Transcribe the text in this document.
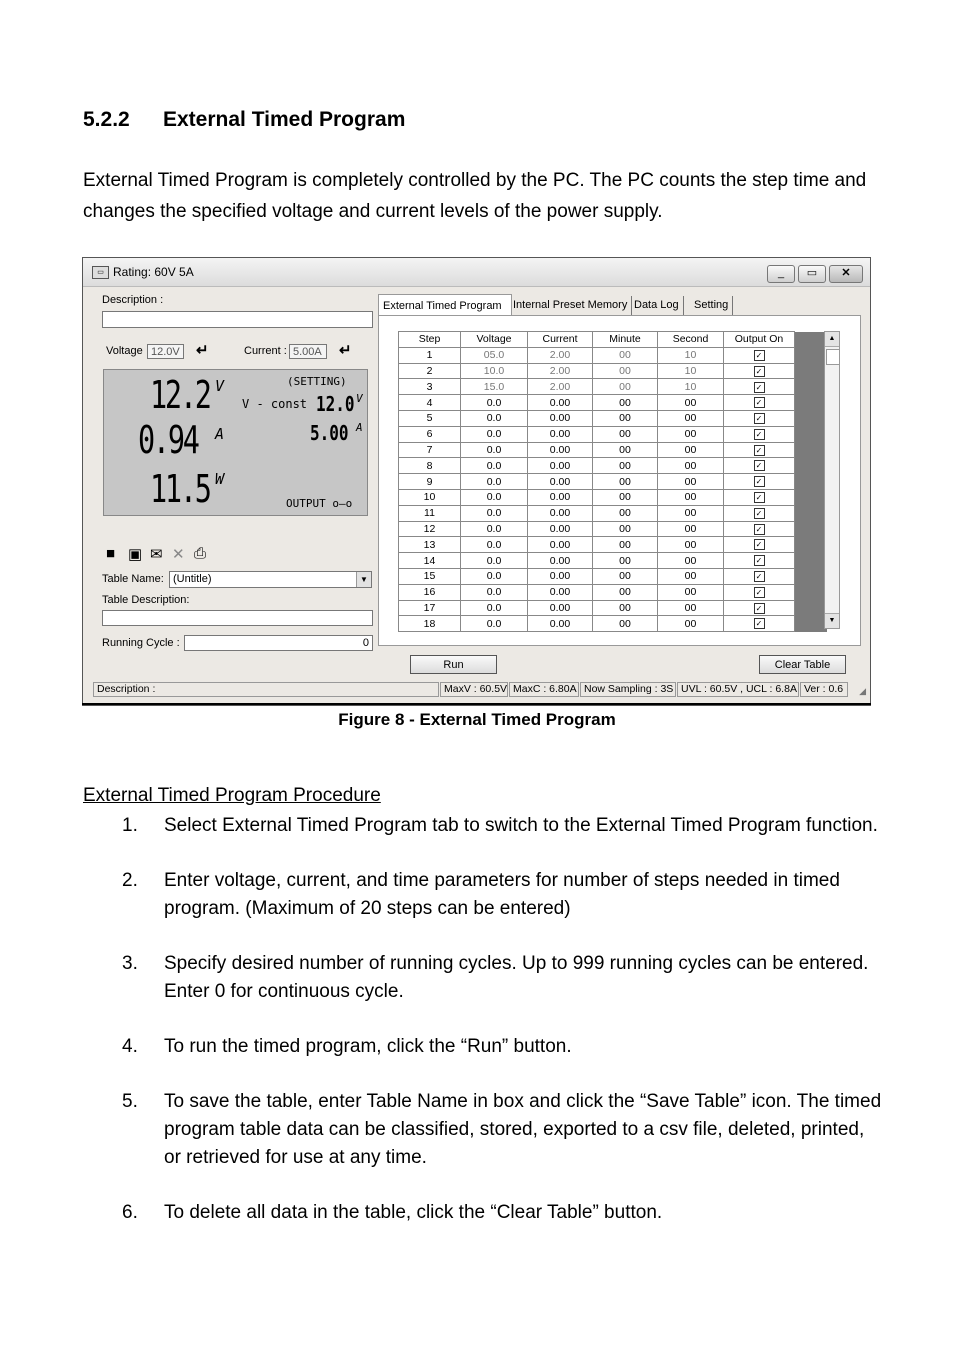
5.2.2 External Timed Program
External Timed Program is completely controlled by the PC. The PC counts the step time and changes the specified voltage and current levels of the power supply.
▭ Rating: 60V 5A	_	▭	✕
Description :
Voltage 12.0V ↵	Current : 5.00A	↵
12.2 V
0.94 A
11.5 W
(SETTING)
V - const 12.0 V
5.00 A
OUTPUT o—o
■ ▣ ✉ ✕ ⎙
Table Name: (Untitle)	▼
Table Description:
Running Cycle :	0
External Timed Program	Internal Preset Memory Data Log	Setting
Step	Voltage	Current	Minute	Second	Output On	
1	05.0	2.00	00	10	✓	
2	10.0	2.00	00	10	✓	
3	15.0	2.00	00	10	✓	
4	0.0	0.00	00	00	✓	
5	0.0	0.00	00	00	✓	
6	0.0	0.00	00	00	✓	
7	0.0	0.00	00	00	✓	
8	0.0	0.00	00	00	✓	
9	0.0	0.00	00	00	✓	
10	0.0	0.00	00	00	✓	
11	0.0	0.00	00	00	✓	
12	0.0	0.00	00	00	✓	
13	0.0	0.00	00	00	✓	
14	0.0	0.00	00	00	✓	
15	0.0	0.00	00	00	✓	
16	0.0	0.00	00	00	✓	
17	0.0	0.00	00	00	✓	
18	0.0	0.00	00	00	✓	
▲
▼
Run	Clear Table
Description :	MaxV : 60.5V MaxC : 6.80A Now Sampling : 3S UVL : 60.5V , UCL : 6.8A Ver : 0.6	◢
Figure 8 - External Timed Program
External Timed Program Procedure
1. Select External Timed Program tab to switch to the External Timed Program function.
2. Enter voltage, current, and time parameters for number of steps needed in timed program. (Maximum of 20 steps can be entered)
3. Specify desired number of running cycles. Up to 999 running cycles can be entered. Enter 0 for continuous cycle.
4. To run the timed program, click the “Run” button.
5. To save the table, enter Table Name in box and click the “Save Table” icon. The timed program table data can be classified, stored, exported to a csv file, deleted, printed, or retrieved for use at any time.
6. To delete all data in the table, click the “Clear Table” button.
